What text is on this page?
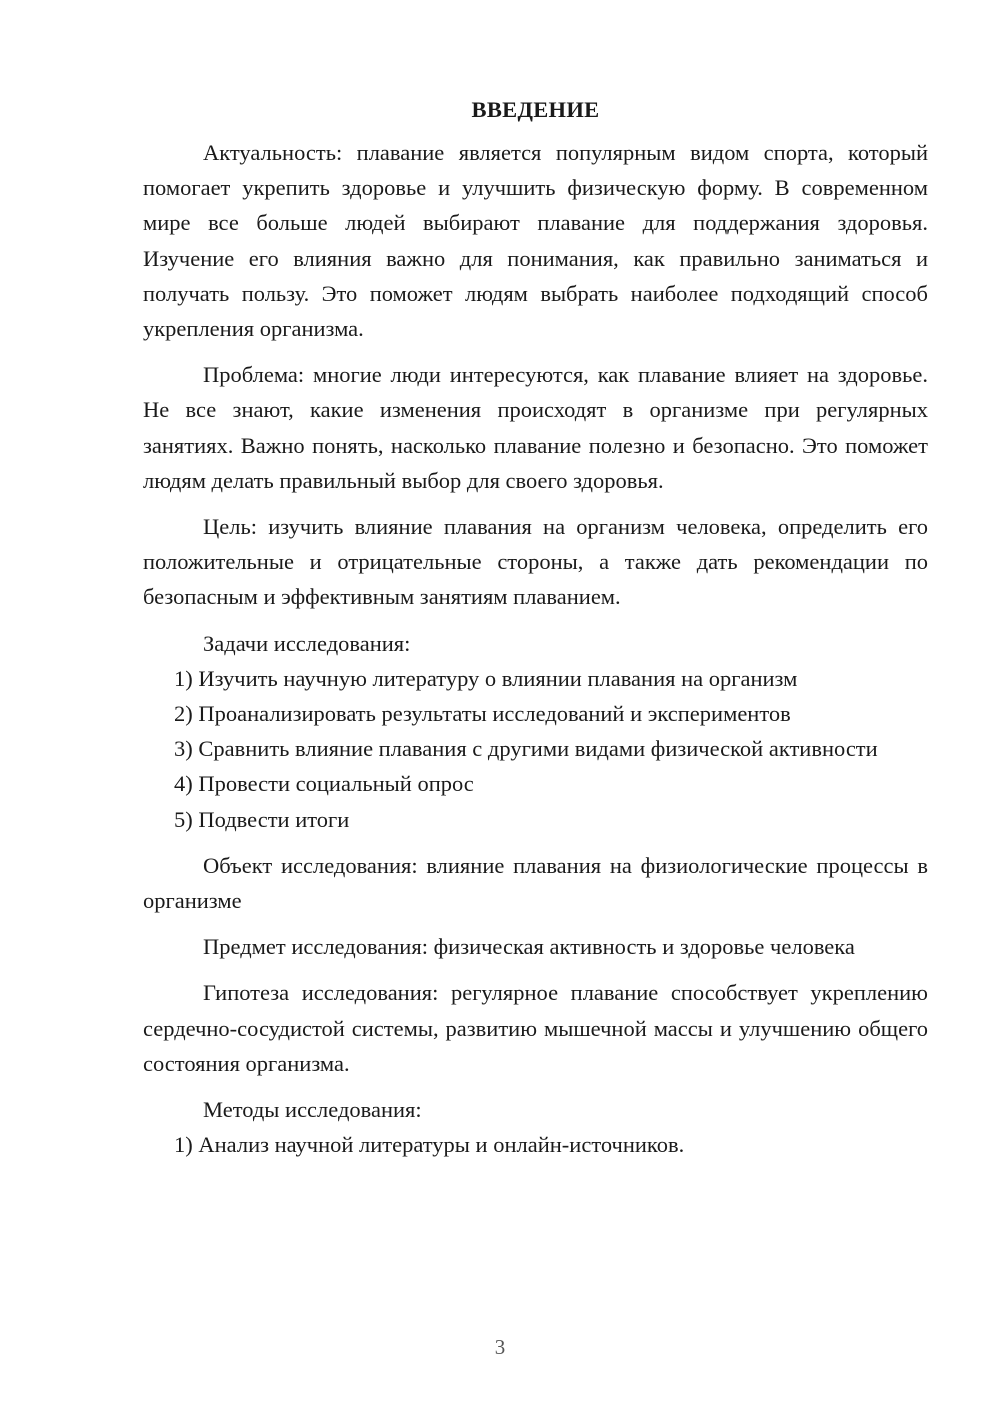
ВВЕДЕНИЕ

Актуальность: плавание является популярным видом спорта, который помогает укрепить здоровье и улучшить физическую форму. В современном мире все больше людей выбирают плавание для поддержания здоровья. Изучение его влияния важно для понимания, как правильно заниматься и получать пользу. Это поможет людям выбрать наиболее подходящий способ укрепления организма.

Проблема: многие люди интересуются, как плавание влияет на здоровье. Не все знают, какие изменения происходят в организме при регулярных занятиях. Важно понять, насколько плавание полезно и безопасно. Это поможет людям делать правильный выбор для своего здоровья.

Цель: изучить влияние плавания на организм человека, определить его положительные и отрицательные стороны, а также дать рекомендации по безопасным и эффективным занятиям плаванием.

Задачи исследования:

1) Изучить научную литературу о влиянии плавания на организм

2) Проанализировать результаты исследований и экспериментов

3) Сравнить влияние плавания с другими видами физической активности

4) Провести социальный опрос

5) Подвести итоги

Объект исследования: влияние плавания на физиологические процессы в организме

Предмет исследования: физическая активность и здоровье человека

Гипотеза исследования: регулярное плавание способствует укреплению сердечно-сосудистой системы, развитию мышечной массы и улучшению общего состояния организма.

Методы исследования:

1) Анализ научной литературы и онлайн-источников.

3
